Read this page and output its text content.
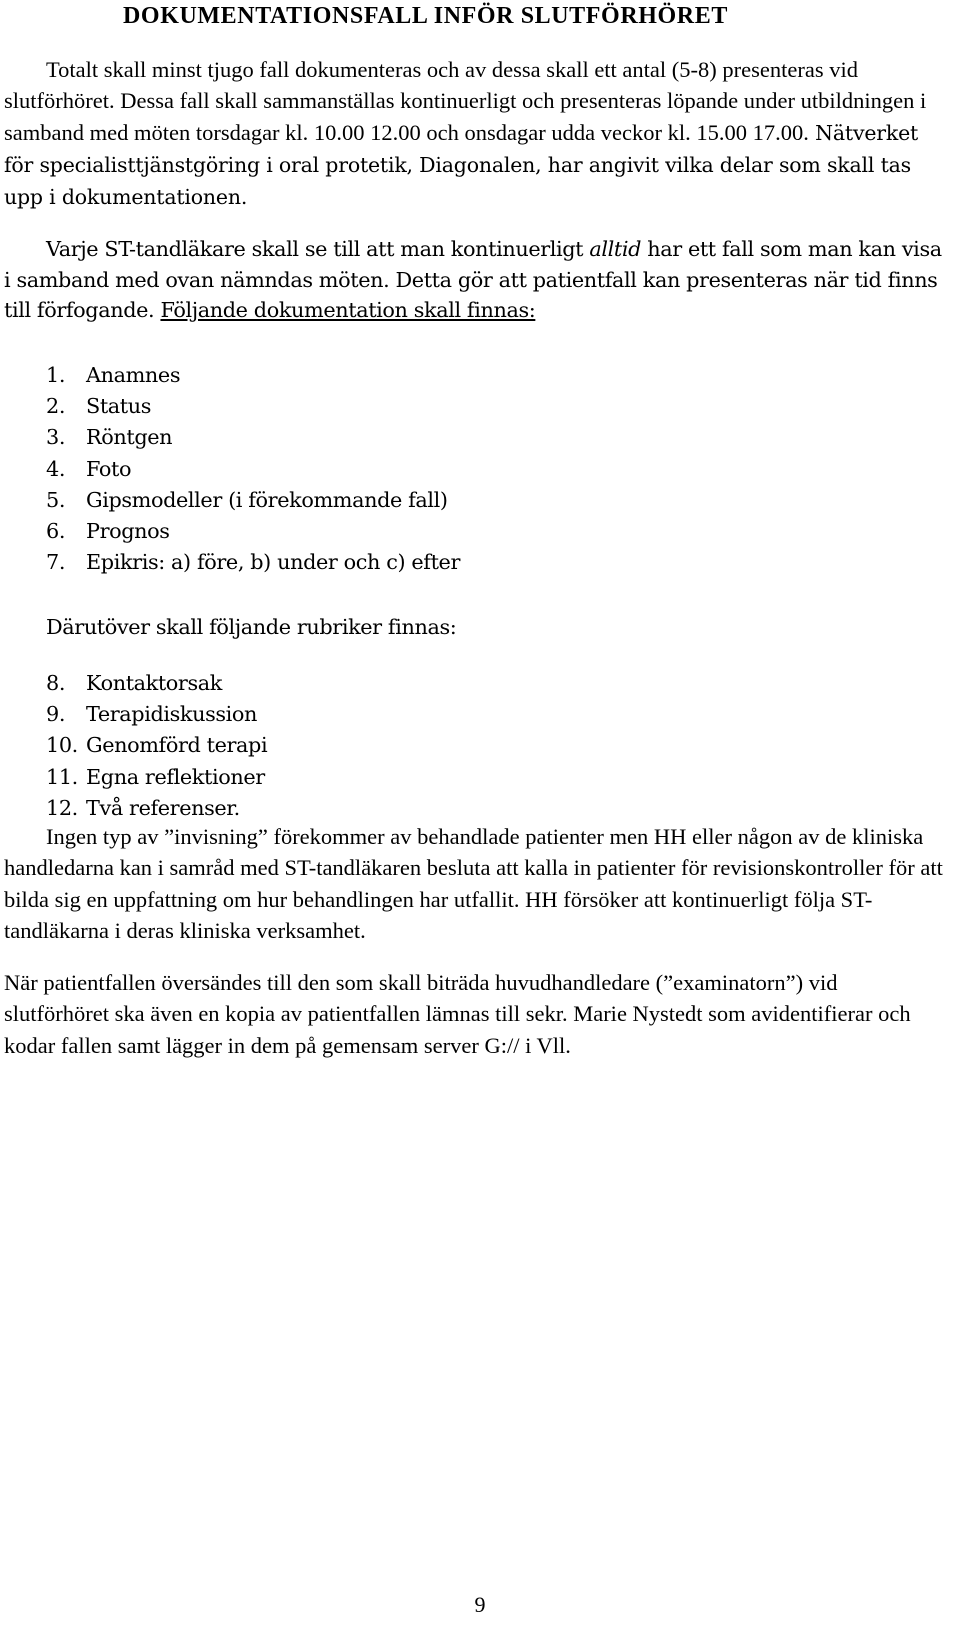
DOKUMENTATIONSFALL INFÖR SLUTFÖRHÖRET

Totalt skall minst tjugo fall dokumenteras och av dessa skall ett antal (5-8) presenteras vid slutförhöret. Dessa fall skall sammanställas kontinuerligt och presenteras löpande under utbildningen i samband med möten torsdagar kl. 10.00 12.00 och onsdagar udda veckor kl. 15.00 17.00. Nätverket för specialisttjänstgöring i oral protetik, Diagonalen, har angivit vilka delar som skall tas upp i dokumentationen.

Varje ST-tandläkare skall se till att man kontinuerligt alltid har ett fall som man kan visa i samband med ovan nämndas möten. Detta gör att patientfall kan presenteras när tid finns till förfogande. Följande dokumentation skall finnas:

1.	Anamnes
2.	Status
3.	Röntgen
4.	Foto
5.	Gipsmodeller (i förekommande fall)
6.	Prognos
7.	Epikris: a) före, b) under och c) efter

Därutöver skall följande rubriker finnas:

8.	Kontaktorsak
9.	Terapidiskussion
10. Genomförd terapi
11. Egna reflektioner
12. Två referenser.

Ingen typ av ”invisning” förekommer av behandlade patienter men HH eller någon av de kliniska handledarna kan i samråd med ST-tandläkaren besluta att kalla in patienter för revisionskontroller för att bilda sig en uppfattning om hur behandlingen har utfallit. HH försöker att kontinuerligt följa ST-tandläkarna i deras kliniska verksamhet.

När patientfallen översändes till den som skall biträda huvudhandledare (”examinatorn”) vid slutförhöret ska även en kopia av patientfallen lämnas till sekr. Marie Nystedt som avidentifierar och kodar fallen samt lägger in dem på gemensam server G:// i Vll.

9
